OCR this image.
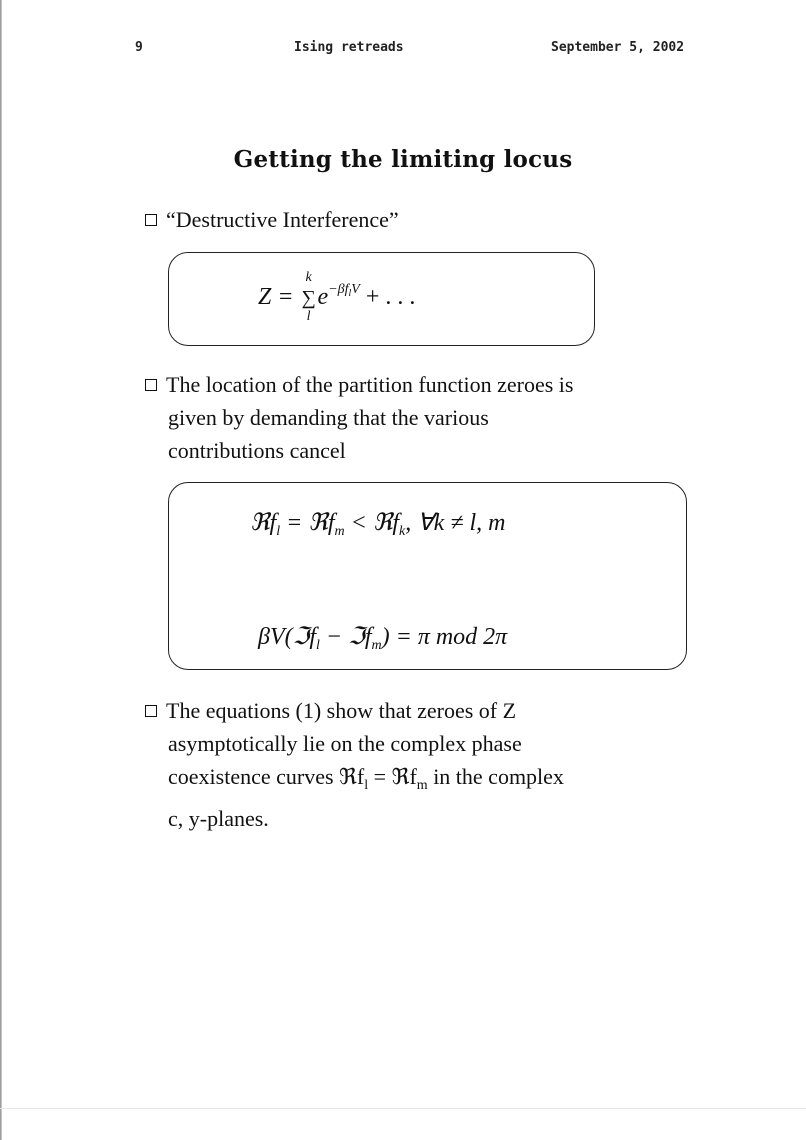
9	Ising retreads	September 5, 2002
Getting the limiting locus
“Destructive Interference”
Z =
k
∑
l
$e^{-\beta f_lV}$ + . . .
The location of the partition function zeroes is
given by demanding that the various
contributions cancel
ℜf$_l$ = ℜf$_m$ < ℜf$_k$, ∀k ≠ l, m
βV(ℑf$_l$ − ℑf$_m$) = π mod 2π
The equations (1) show that zeroes of Z
asymptotically lie on the complex phase
coexistence curves ℜf$_l$ = ℜf$_m$ in the complex
c, y-planes.
